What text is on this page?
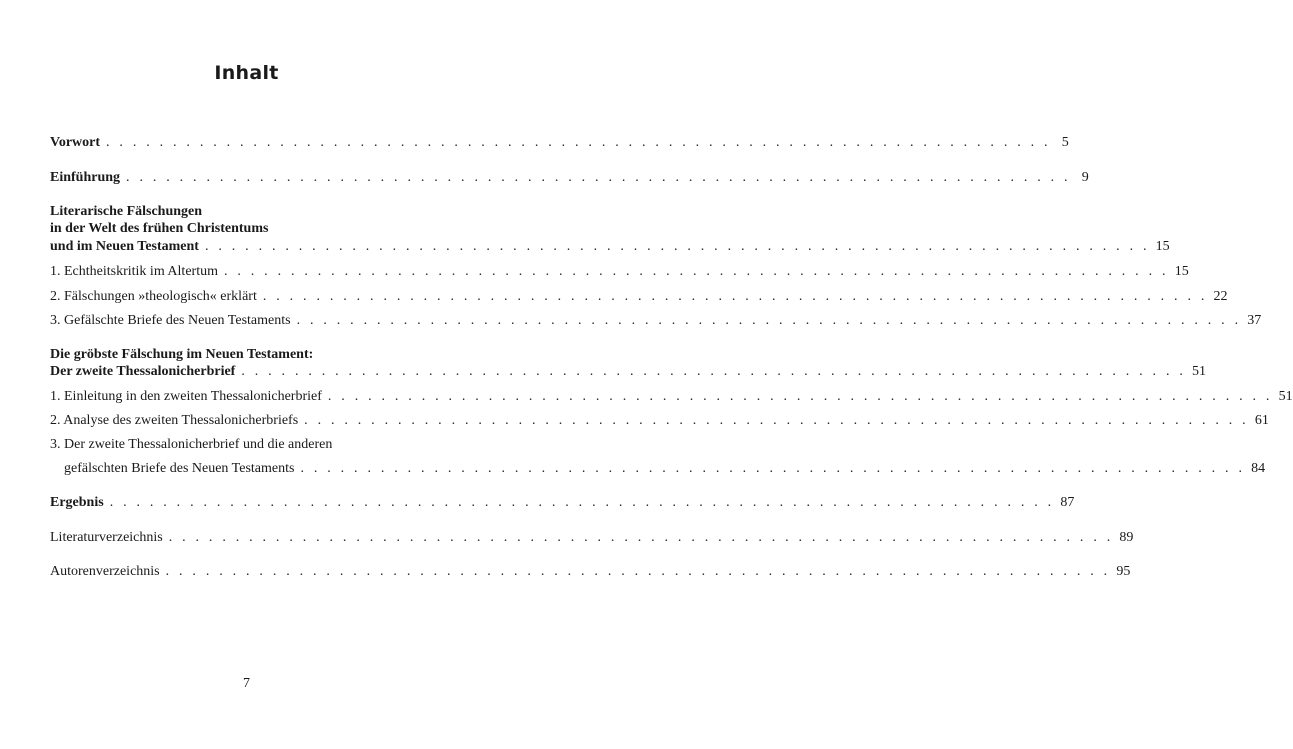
Inhalt
Vorwort . . . . . . . . . . . . . . . . . . . . . . . . . . . . . . . . . . . . . . . . . . . . . . . . . . . . . . . . . . . . . . . . . . . . . . . 5
Einführung . . . . . . . . . . . . . . . . . . . . . . . . . . . . . . . . . . . . . . . . . . . . . . . . . . . . . . . . . . . . . . . . . . . . . . . 9
Literarische Fälschungen
in der Welt des frühen Christentums
und im Neuen Testament . . . . . . . . . . . . . . . . . . . . . . . . . . . . . . . . . . . . . . . . . . . . . . . . . . . . . . . . . . . . . . . . . . . . . . . 15
1. Echtheitskritik im Altertum . . . . . . . . . . . . . . . . . . . . . . . . . . . . . . . . . . . . . . . . . . . . . . . . . . . . . . . . . . . . . . . . . . . . . . . 15
2. Fälschungen »theologisch« erklärt . . . . . . . . . . . . . . . . . . . . . . . . . . . . . . . . . . . . . . . . . . . . . . . . . . . . . . . . . . . . . . . . . . . . . . . 22
3. Gefälschte Briefe des Neuen Testaments . . . . . . . . . . . . . . . . . . . . . . . . . . . . . . . . . . . . . . . . . . . . . . . . . . . . . . . . . . . . . . . . . . . . . . . 37
Die gröbste Fälschung im Neuen Testament:
Der zweite Thessalonicherbrief . . . . . . . . . . . . . . . . . . . . . . . . . . . . . . . . . . . . . . . . . . . . . . . . . . . . . . . . . . . . . . . . . . . . . . . 51
1. Einleitung in den zweiten Thessalonicherbrief . . . . . . . . . . . . . . . . . . . . . . . . . . . . . . . . . . . . . . . . . . . . . . . . . . . . . . . . . . . . . . . . . . . . . . . 51
2. Analyse des zweiten Thessalonicherbriefs . . . . . . . . . . . . . . . . . . . . . . . . . . . . . . . . . . . . . . . . . . . . . . . . . . . . . . . . . . . . . . . . . . . . . . . 61
3. Der zweite Thessalonicherbrief und die anderen
gefälschten Briefe des Neuen Testaments . . . . . . . . . . . . . . . . . . . . . . . . . . . . . . . . . . . . . . . . . . . . . . . . . . . . . . . . . . . . . . . . . . . . . . . 84
Ergebnis . . . . . . . . . . . . . . . . . . . . . . . . . . . . . . . . . . . . . . . . . . . . . . . . . . . . . . . . . . . . . . . . . . . . . . . 87
Literaturverzeichnis . . . . . . . . . . . . . . . . . . . . . . . . . . . . . . . . . . . . . . . . . . . . . . . . . . . . . . . . . . . . . . . . . . . . . . . 89
Autorenverzeichnis . . . . . . . . . . . . . . . . . . . . . . . . . . . . . . . . . . . . . . . . . . . . . . . . . . . . . . . . . . . . . . . . . . . . . . . 95
7
